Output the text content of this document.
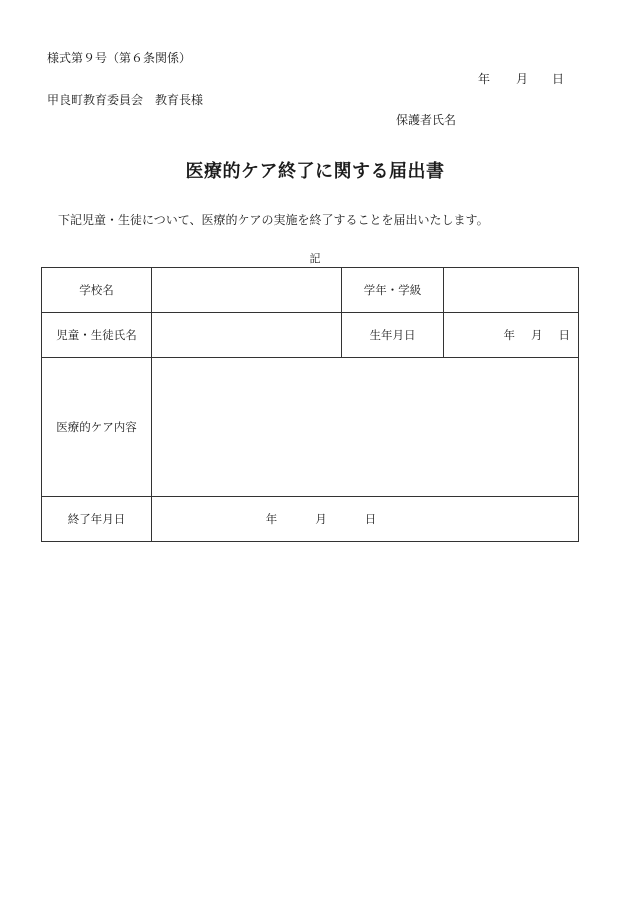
様式第９号（第６条関係）
年 月 日
甲良町教育委員会　教育長様
保護者氏名
医療的ケア終了に関する届出書
下記児童・生徒について、医療的ケアの実施を終了することを届出いたします。
記
学校名		学年・学級	
児童・生徒氏名		生年月日	年 月 日
医療的ケア内容			
終了年月日	年 月 日		
